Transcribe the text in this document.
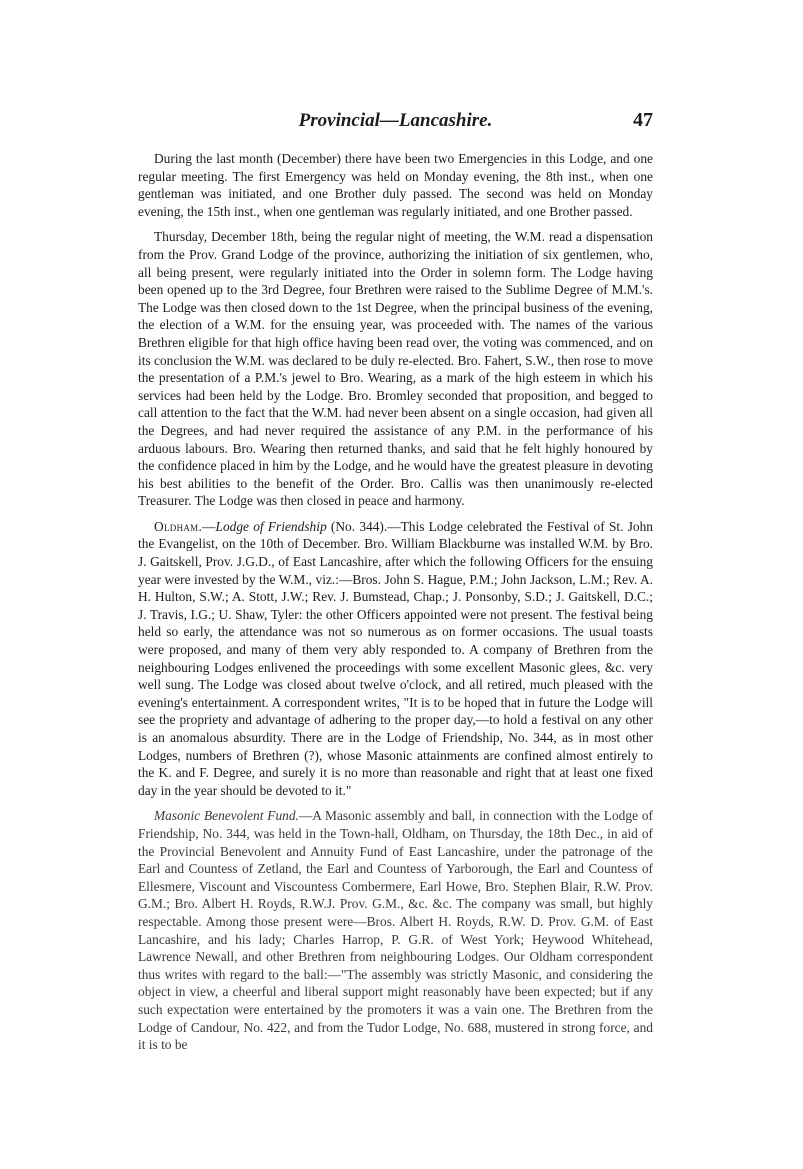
Provincial—Lancashire.	47

During the last month (December) there have been two Emergencies in this Lodge, and one regular meeting. The first Emergency was held on Monday evening, the 8th inst., when one gentleman was initiated, and one Brother duly passed. The second was held on Monday evening, the 15th inst., when one gentleman was regularly initiated, and one Brother passed.

Thursday, December 18th, being the regular night of meeting, the W.M. read a dispensation from the Prov. Grand Lodge of the province, authorizing the initiation of six gentlemen, who, all being present, were regularly initiated into the Order in solemn form. The Lodge having been opened up to the 3rd Degree, four Brethren were raised to the Sublime Degree of M.M.'s. The Lodge was then closed down to the 1st Degree, when the principal business of the evening, the election of a W.M. for the ensuing year, was proceeded with. The names of the various Brethren eligible for that high office having been read over, the voting was commenced, and on its conclusion the W.M. was declared to be duly re-elected. Bro. Fahert, S.W., then rose to move the presentation of a P.M.'s jewel to Bro. Wearing, as a mark of the high esteem in which his services had been held by the Lodge. Bro. Bromley seconded that proposition, and begged to call attention to the fact that the W.M. had never been absent on a single occasion, had given all the Degrees, and had never required the assistance of any P.M. in the performance of his arduous labours. Bro. Wearing then returned thanks, and said that he felt highly honoured by the confidence placed in him by the Lodge, and he would have the greatest pleasure in devoting his best abilities to the benefit of the Order. Bro. Callis was then unanimously re-elected Treasurer. The Lodge was then closed in peace and harmony.

Oldham.—Lodge of Friendship (No. 344).—This Lodge celebrated the Festival of St. John the Evangelist, on the 10th of December. Bro. William Blackburne was installed W.M. by Bro. J. Gaitskell, Prov. J.G.D., of East Lancashire, after which the following Officers for the ensuing year were invested by the W.M., viz.:—Bros. John S. Hague, P.M.; John Jackson, L.M.; Rev. A. H. Hulton, S.W.; A. Stott, J.W.; Rev. J. Bumstead, Chap.; J. Ponsonby, S.D.; J. Gaitskell, D.C.; J. Travis, I.G.; U. Shaw, Tyler: the other Officers appointed were not present. The festival being held so early, the attendance was not so numerous as on former occasions. The usual toasts were proposed, and many of them very ably responded to. A company of Brethren from the neighbouring Lodges enlivened the proceedings with some excellent Masonic glees, &c. very well sung. The Lodge was closed about twelve o'clock, and all retired, much pleased with the evening's entertainment. A correspondent writes, "It is to be hoped that in future the Lodge will see the propriety and advantage of adhering to the proper day,—to hold a festival on any other is an anomalous absurdity. There are in the Lodge of Friendship, No. 344, as in most other Lodges, numbers of Brethren (?), whose Masonic attainments are confined almost entirely to the K. and F. Degree, and surely it is no more than reasonable and right that at least one fixed day in the year should be devoted to it."

Masonic Benevolent Fund.—A Masonic assembly and ball, in connection with the Lodge of Friendship, No. 344, was held in the Town-hall, Oldham, on Thursday, the 18th Dec., in aid of the Provincial Benevolent and Annuity Fund of East Lancashire, under the patronage of the Earl and Countess of Zetland, the Earl and Countess of Yarborough, the Earl and Countess of Ellesmere, Viscount and Viscountess Combermere, Earl Howe, Bro. Stephen Blair, R.W. Prov. G.M.; Bro. Albert H. Royds, R.W.J. Prov. G.M., &c. &c. The company was small, but highly respectable. Among those present were—Bros. Albert H. Royds, R.W. D. Prov. G.M. of East Lancashire, and his lady; Charles Harrop, P. G.R. of West York; Heywood Whitehead, Lawrence Newall, and other Brethren from neighbouring Lodges. Our Oldham correspondent thus writes with regard to the ball:—"The assembly was strictly Masonic, and considering the object in view, a cheerful and liberal support might reasonably have been expected; but if any such expectation were entertained by the promoters it was a vain one. The Brethren from the Lodge of Candour, No. 422, and from the Tudor Lodge, No. 688, mustered in strong force, and it is to be
